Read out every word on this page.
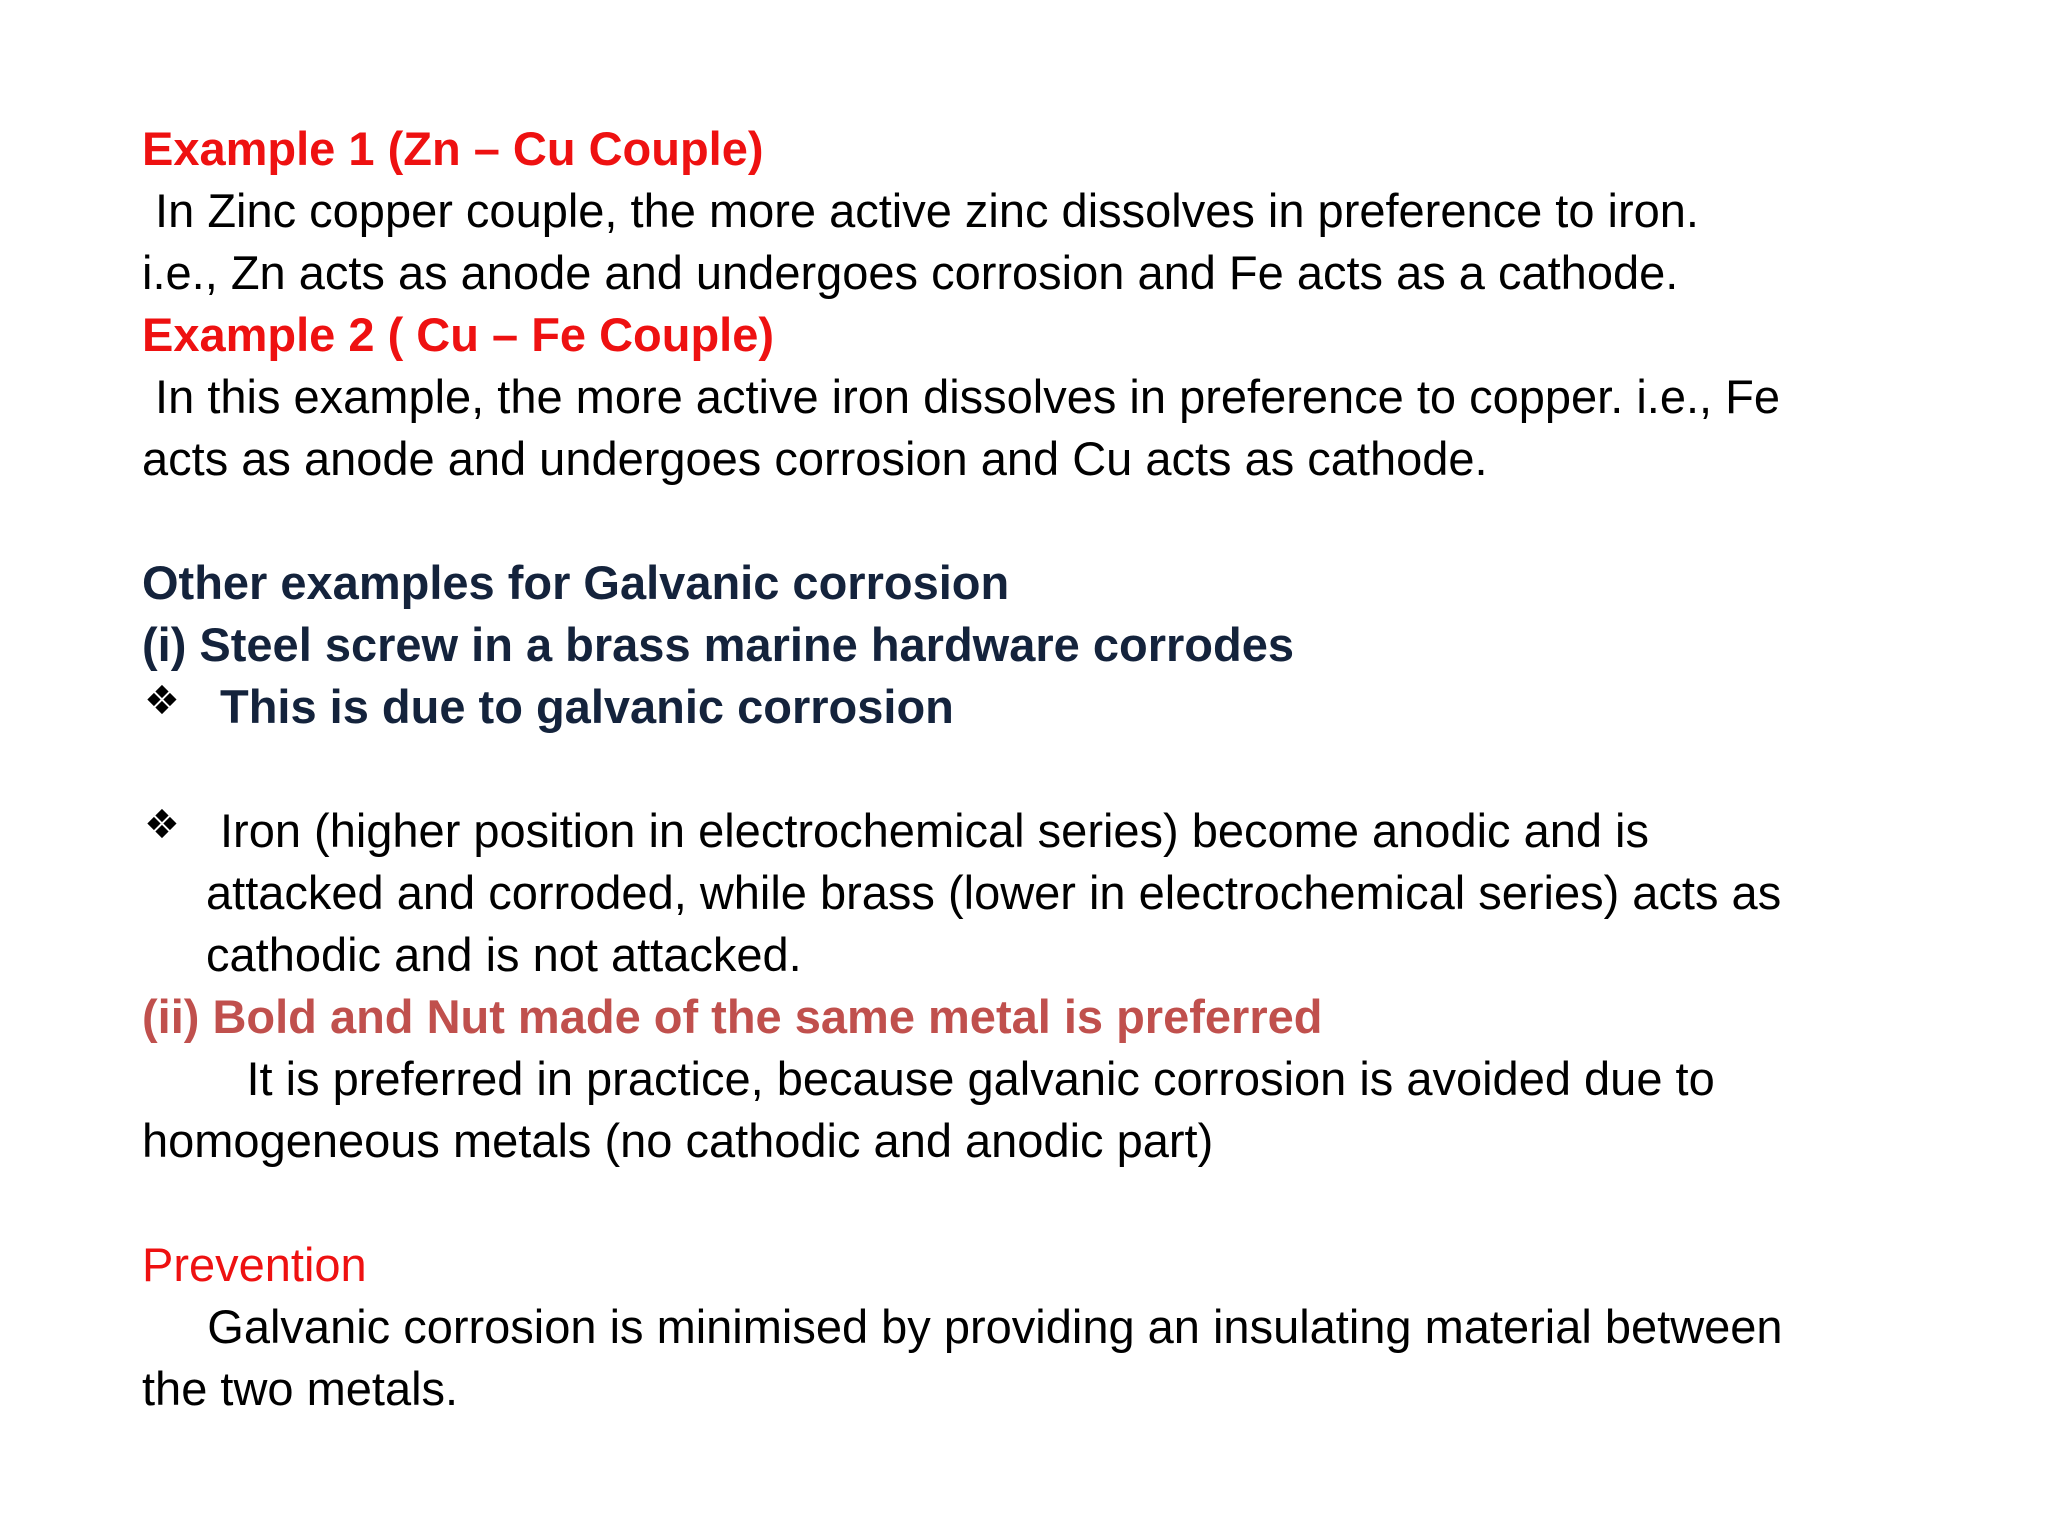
Example 1 (Zn – Cu Couple)
In Zinc copper couple, the more active zinc dissolves in preference to iron.
i.e., Zn acts as anode and undergoes corrosion and Fe acts as a cathode.
Example 2 ( Cu – Fe Couple)
In this example, the more active iron dissolves in preference to copper. i.e., Fe
acts as anode and undergoes corrosion and Cu acts as cathode.
Other examples for Galvanic corrosion
(i) Steel screw in a brass marine hardware corrodes
❖ This is due to galvanic corrosion
❖ Iron (higher position in electrochemical series) become anodic and is
attacked and corroded, while brass (lower in electrochemical series) acts as
cathodic and is not attacked.
(ii) Bold and Nut made of the same metal is preferred
It is preferred in practice, because galvanic corrosion is avoided due to
homogeneous metals (no cathodic and anodic part)
Prevention
Galvanic corrosion is minimised by providing an insulating material between
the two metals.
